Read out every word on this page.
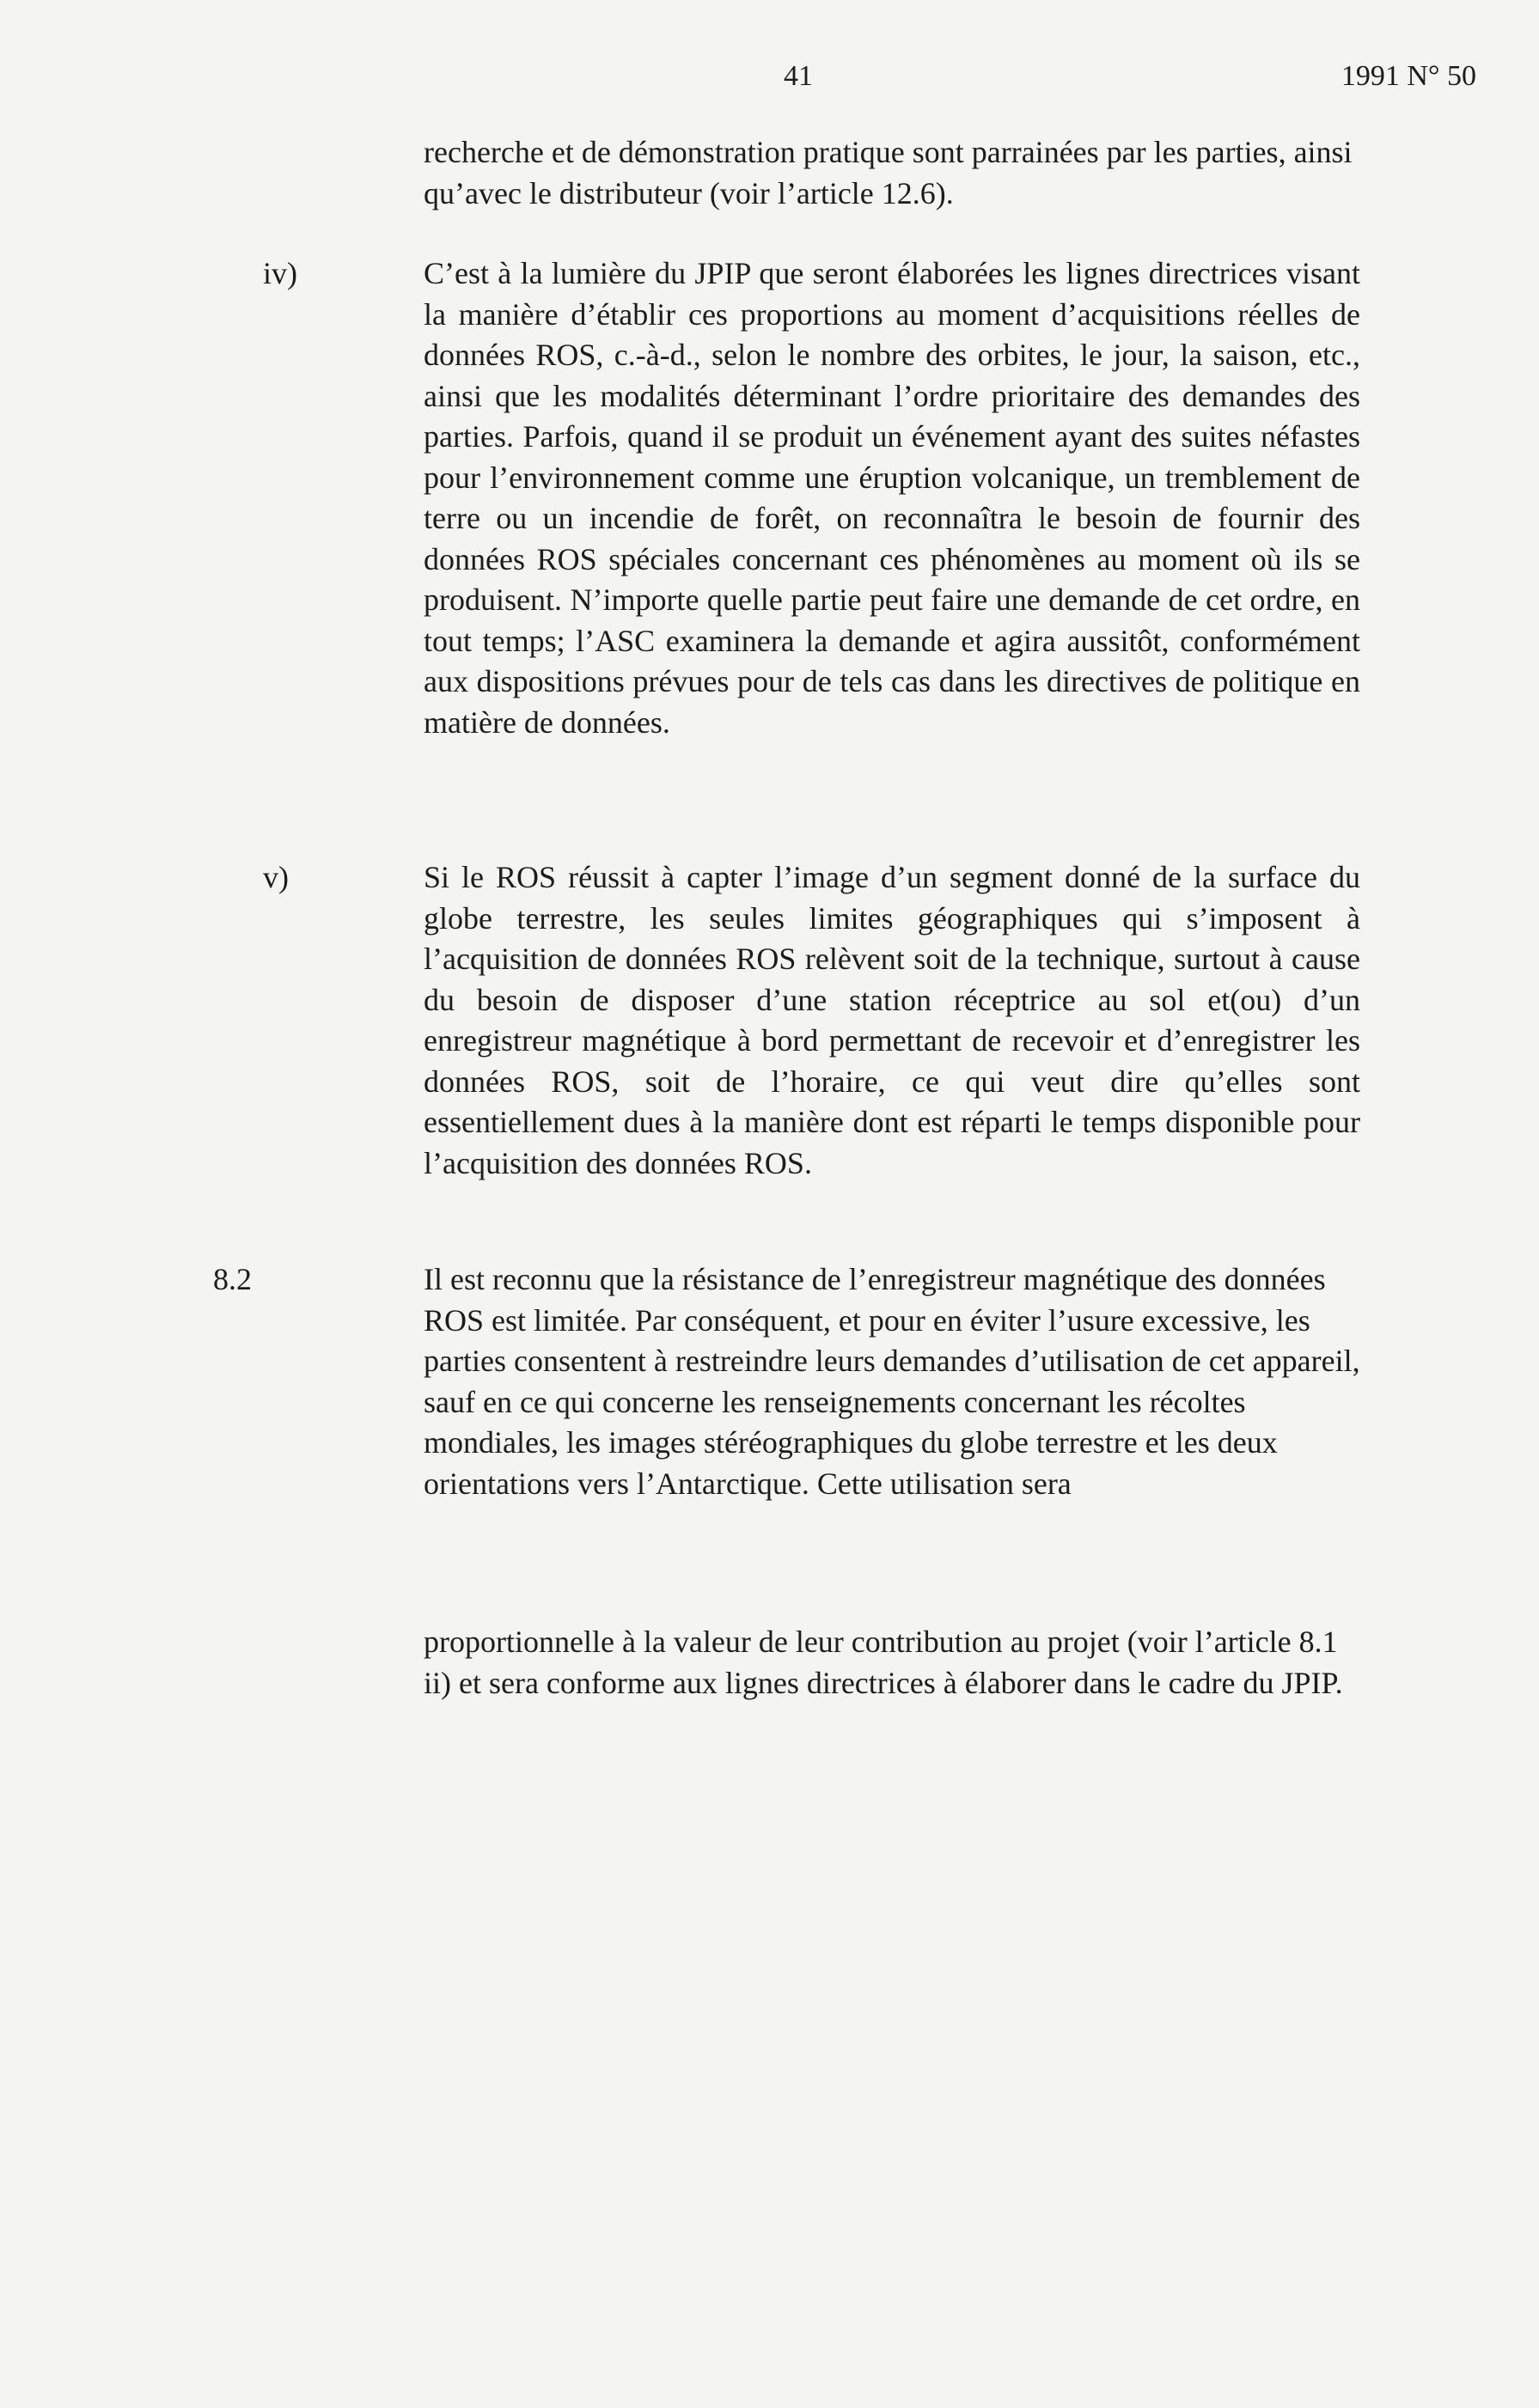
41	1991 N° 50

recherche et de démonstration pratique sont parrainées par les parties, ainsi qu’avec le distributeur (voir l’article 12.6).

iv)	C’est à la lumière du JPIP que seront élaborées les lignes directrices visant la manière d’établir ces proportions au moment d’acquisitions réelles de données ROS, c.-à-d., selon le nombre des orbites, le jour, la saison, etc., ainsi que les modalités déterminant l’ordre prioritaire des demandes des parties. Parfois, quand il se produit un événement ayant des suites néfastes pour l’environnement comme une éruption volcanique, un tremblement de terre ou un incendie de forêt, on reconnaîtra le besoin de fournir des données ROS spéciales concernant ces phénomènes au moment où ils se produisent. N’importe quelle partie peut faire une demande de cet ordre, en tout temps; l’ASC examinera la demande et agira aussitôt, conformément aux dispositions prévues pour de tels cas dans les directives de politique en matière de données.

v)	Si le ROS réussit à capter l’image d’un segment donné de la surface du globe terrestre, les seules limites géographiques qui s’imposent à l’acquisition de données ROS relèvent soit de la technique, surtout à cause du besoin de disposer d’une station réceptrice au sol et(ou) d’un enregistreur magnétique à bord permettant de recevoir et d’enregistrer les données ROS, soit de l’horaire, ce qui veut dire qu’elles sont essentiellement dues à la manière dont est réparti le temps disponible pour l’acquisition des données ROS.

8.2	Il est reconnu que la résistance de l’enregistreur magnétique des données ROS est limitée. Par conséquent, et pour en éviter l’usure excessive, les parties consentent à restreindre leurs demandes d’utilisation de cet appareil, sauf en ce qui concerne les renseignements concernant les récoltes mondiales, les images stéréographiques du globe terrestre et les deux orientations vers l’Antarctique. Cette utilisation sera

proportionnelle à la valeur de leur contribution au projet (voir l’article 8.1 ii) et sera conforme aux lignes directrices à élaborer dans le cadre du JPIP.
